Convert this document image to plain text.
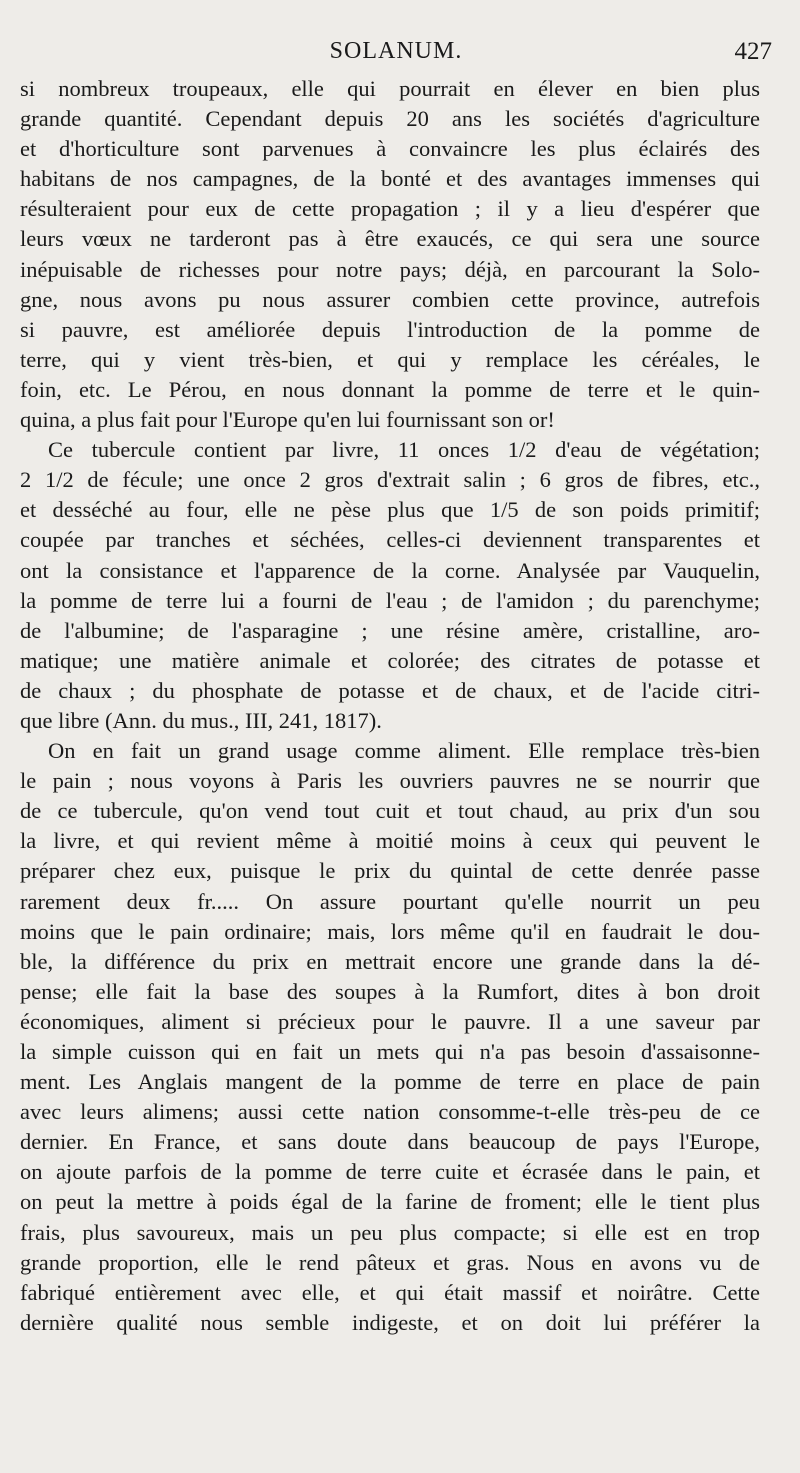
SOLANUM.	427
si nombreux troupeaux, elle qui pourrait en élever en bien plus
grande quantité. Cependant depuis 20 ans les sociétés d'agriculture
et d'horticulture sont parvenues à convaincre les plus éclairés des
habitans de nos campagnes, de la bonté et des avantages immenses qui
résulteraient pour eux de cette propagation ; il y a lieu d'espérer que
leurs vœux ne tarderont pas à être exaucés, ce qui sera une source
inépuisable de richesses pour notre pays; déjà, en parcourant la Solo-
gne, nous avons pu nous assurer combien cette province, autrefois
si pauvre, est améliorée depuis l'introduction de la pomme de
terre, qui y vient très-bien, et qui y remplace les céréales, le
foin, etc. Le Pérou, en nous donnant la pomme de terre et le quin-
quina, a plus fait pour l'Europe qu'en lui fournissant son or!
Ce tubercule contient par livre, 11 onces 1/2 d'eau de végétation;
2 1/2 de fécule; une once 2 gros d'extrait salin ; 6 gros de fibres, etc.,
et desséché au four, elle ne pèse plus que 1/5 de son poids primitif;
coupée par tranches et séchées, celles-ci deviennent transparentes et
ont la consistance et l'apparence de la corne. Analysée par Vauquelin,
la pomme de terre lui a fourni de l'eau ; de l'amidon ; du parenchyme;
de l'albumine; de l'asparagine ; une résine amère, cristalline, aro-
matique; une matière animale et colorée; des citrates de potasse et
de chaux ; du phosphate de potasse et de chaux, et de l'acide citri-
que libre (Ann. du mus., III, 241, 1817).
On en fait un grand usage comme aliment. Elle remplace très-bien
le pain ; nous voyons à Paris les ouvriers pauvres ne se nourrir que
de ce tubercule, qu'on vend tout cuit et tout chaud, au prix d'un sou
la livre, et qui revient même à moitié moins à ceux qui peuvent le
préparer chez eux, puisque le prix du quintal de cette denrée passe
rarement deux fr..... On assure pourtant qu'elle nourrit un peu
moins que le pain ordinaire; mais, lors même qu'il en faudrait le dou-
ble, la différence du prix en mettrait encore une grande dans la dé-
pense; elle fait la base des soupes à la Rumfort, dites à bon droit
économiques, aliment si précieux pour le pauvre. Il a une saveur par
la simple cuisson qui en fait un mets qui n'a pas besoin d'assaisonne-
ment. Les Anglais mangent de la pomme de terre en place de pain
avec leurs alimens; aussi cette nation consomme-t-elle très-peu de ce
dernier. En France, et sans doute dans beaucoup de pays l'Europe,
on ajoute parfois de la pomme de terre cuite et écrasée dans le pain, et
on peut la mettre à poids égal de la farine de froment; elle le tient plus
frais, plus savoureux, mais un peu plus compacte; si elle est en trop
grande proportion, elle le rend pâteux et gras. Nous en avons vu de
fabriqué entièrement avec elle, et qui était massif et noirâtre. Cette
dernière qualité nous semble indigeste, et on doit lui préférer la
